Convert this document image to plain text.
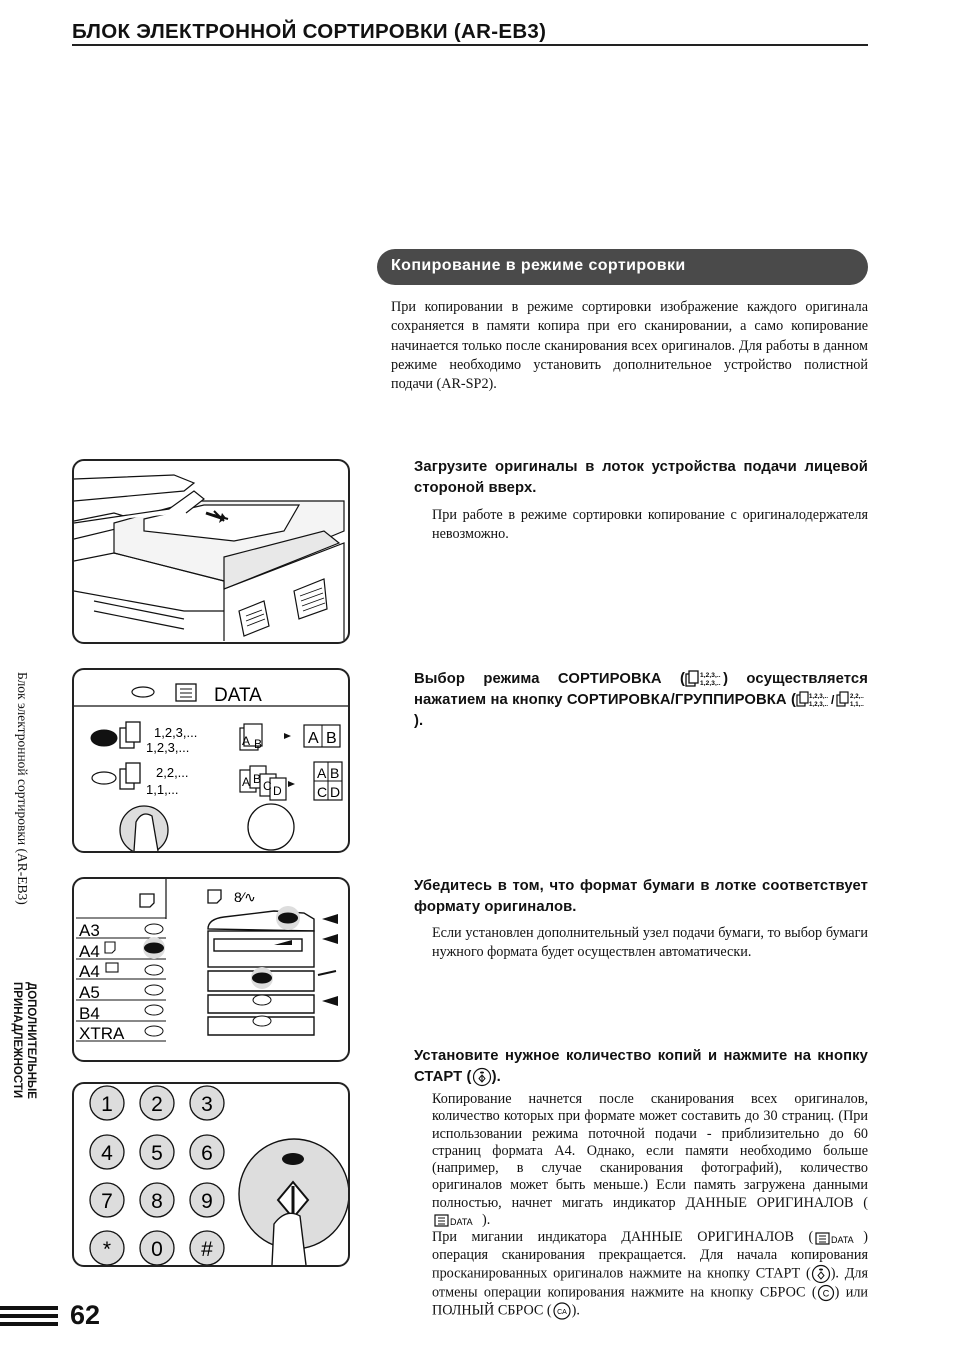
БЛОК ЭЛЕКТРОННОЙ СОРТИРОВКИ (AR-EB3)
Копирование в режиме сортировки
При копировании в режиме сортировки изображение каждого оригинала сохраняется в памяти копира при его сканировании, а само копирование начинается только после сканирования всех оригиналов. Для работы в данном режиме необходимо установить дополнительное устройство полистной подачи (AR-SP2).
Загрузите оригиналы в лоток устройства подачи лицевой стороной вверх.
При работе в режиме сортировки копирование с оригиналодержателя невозможно.
Выбор режима СОРТИРОВКА ( 1,2,3,..
1,2,3,.. ) осуществляется нажатием на кнопку СОРТИРОВКА/ГРУППИРОВКА ( 1,2,3,..
1,2,3,.. /	2,2,..
1,1,..
).
Убедитесь в том, что формат бумаги в лотке соответствует формату оригиналов.
Если установлен дополнительный узел подачи бумаги, то выбор бумаги нужного формата будет осуществлен автоматически.
Установите нужное количество копий и нажмите на кнопку СТАРТ ( ).
Копирование начнется после сканирования всех оригиналов, количество которых при формате может составить до 30 страниц. (При использовании режима поточной подачи - приблизительно до 60 страниц формата A4. Однако, если памяти необходимо больше (например, в случае сканирования фотографий), количество оригиналов может быть меньше.) Если память загружена данными полностью, начнет мигать индикатор ДАННЫЕ ОРИГИНАЛОВ (
DATA ).
При мигании индикатора ДАННЫЕ ОРИГИНАЛОВ ( DATA ) операция сканирования прекращается. Для начала копирования просканированных оригиналов нажмите на кнопку СТАРТ ( ). Для отмены операции копирования нажмите на кнопку СБРОС ( C ) или ПОЛНЫЙ СБРОС ( CA ).
DATA
1,2,3,...
1,2,3,...	A B	A B
2,2,...
1,1,...	A B C D
A B
C D
8∕∿
A3
A4
A4
A5
B4
XTRA
1 2 3
4 5 6
7 8 9
* 0 #
Блок электронной сортировки (AR-EB3)
ДОПОЛНИТЕЛЬНЫЕ ПРИНАДЛЕЖНОСТИ
62
